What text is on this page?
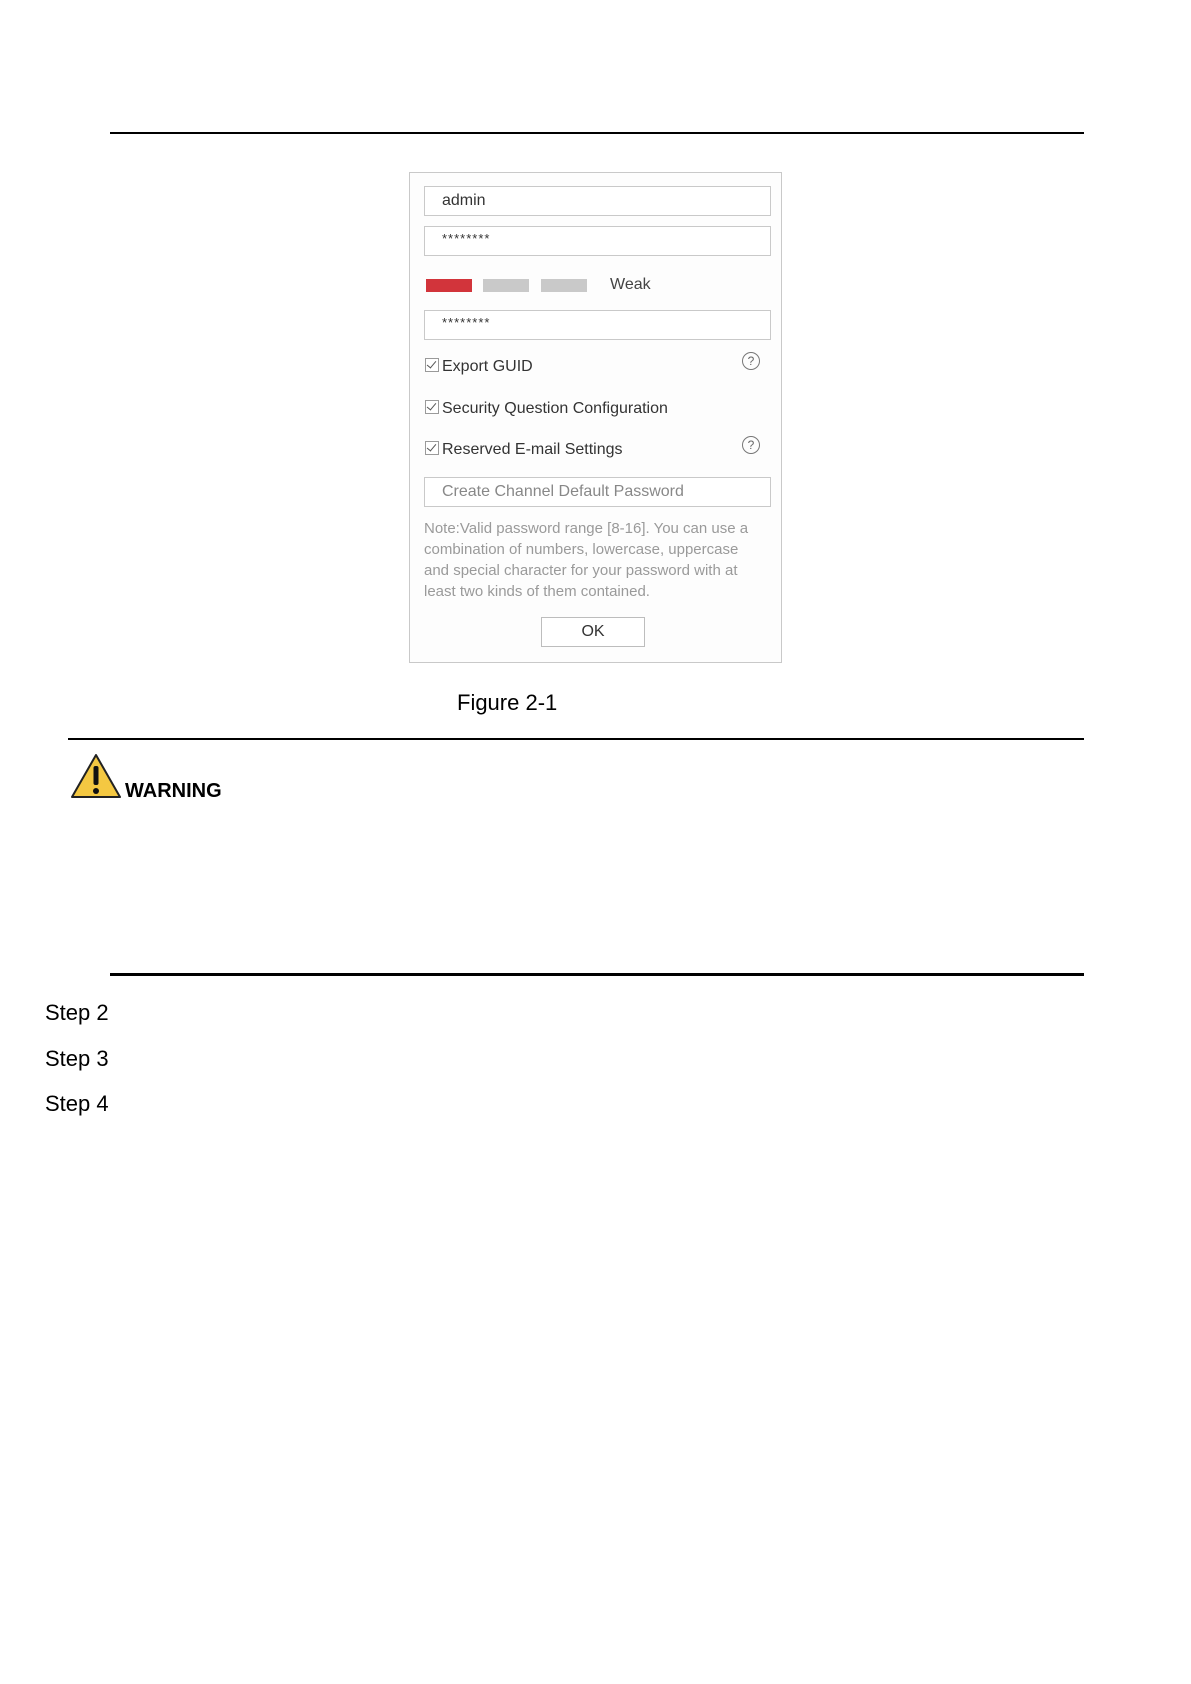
admin
********
Weak
********
Export GUID	?
Security Question Configuration
Reserved E-mail Settings	?
Create Channel Default Password
Note:Valid password range [8-16]. You can use a combination of numbers, lowercase, uppercase and special character for your password with at least two kinds of them contained.
OK
Figure 2-1
WARNING
Step 2
Step 3
Step 4
